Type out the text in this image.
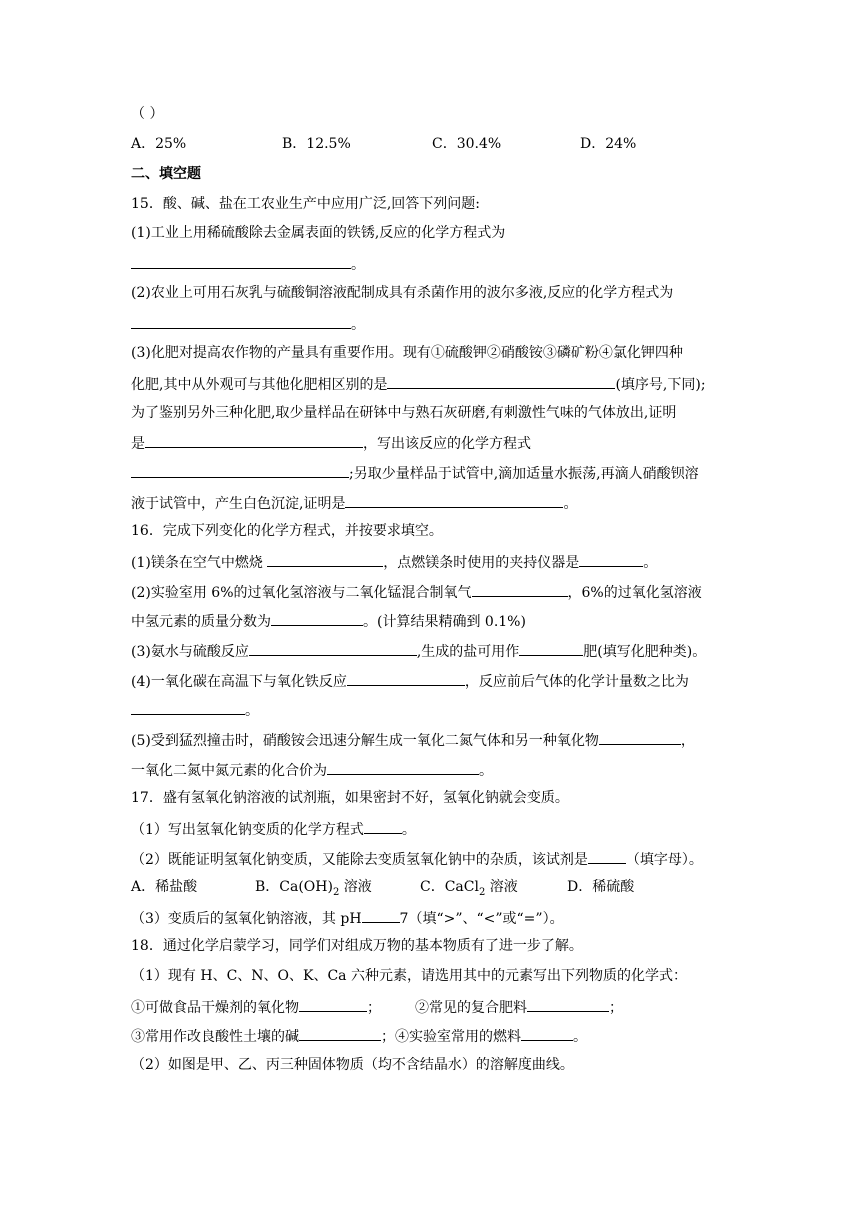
（ ）
A．25%	B．12.5%	C．30.4%	D．24%
二、填空题
15．酸、碱、盐在工农业生产中应用广泛,回答下列问题:
(1)工业上用稀硫酸除去金属表面的铁锈,反应的化学方程式为
。
(2)农业上可用石灰乳与硫酸铜溶液配制成具有杀菌作用的波尔多液,反应的化学方程式为
。
(3)化肥对提高农作物的产量具有重要作用。现有①硫酸钾②硝酸铵③磷矿粉④氯化钾四种
化肥,其中从外观可与其他化肥相区别的是	(填序号,下同);
为了鉴别另外三种化肥,取少量样品在研钵中与熟石灰研磨,有刺激性气味的气体放出,证明
是	，写出该反应的化学方程式
;另取少量样品于试管中,滴加适量水振荡,再滴人硝酸钡溶
液于试管中，产生白色沉淀,证明是	。
16．完成下列变化的化学方程式，并按要求填空。
(1)镁条在空气中燃烧	，点燃镁条时使用的夹持仪器是	。
(2)实验室用 6%的过氧化氢溶液与二氧化锰混合制氧气	，6%的过氧化氢溶液
中氢元素的质量分数为	。(计算结果精确到 0.1%)
(3)氨水与硫酸反应	,生成的盐可用作	肥(填写化肥种类)。
(4)一氧化碳在高温下与氧化铁反应	，反应前后气体的化学计量数之比为
。
(5)受到猛烈撞击时，硝酸铵会迅速分解生成一氧化二氮气体和另一种氧化物	，
一氧化二氮中氮元素的化合价为	。
17．盛有氢氧化钠溶液的试剂瓶，如果密封不好，氢氧化钠就会变质。
（1）写出氢氧化钠变质的化学方程式	。
（2）既能证明氢氧化钠变质，又能除去变质氢氧化钠中的杂质，该试剂是	（填字母）。
A．稀盐酸	B．$Ca(OH)_2$ 溶液	C．CaCl$_2$ 溶液	D．稀硫酸
（3）变质后的氢氧化钠溶液，其 pH	7（填“>”、“<”或“=”）。
18．通过化学启蒙学习，同学们对组成万物的基本物质有了进一步了解。
（1）现有 H、C、N、O、K、Ca 六种元素，请选用其中的元素写出下列物质的化学式：
①可做食品干燥剂的氧化物	； ②常见的复合肥料	；
③常用作改良酸性土壤的碱	；④实验室常用的燃料	。
（2）如图是甲、乙、丙三种固体物质（均不含结晶水）的溶解度曲线。
